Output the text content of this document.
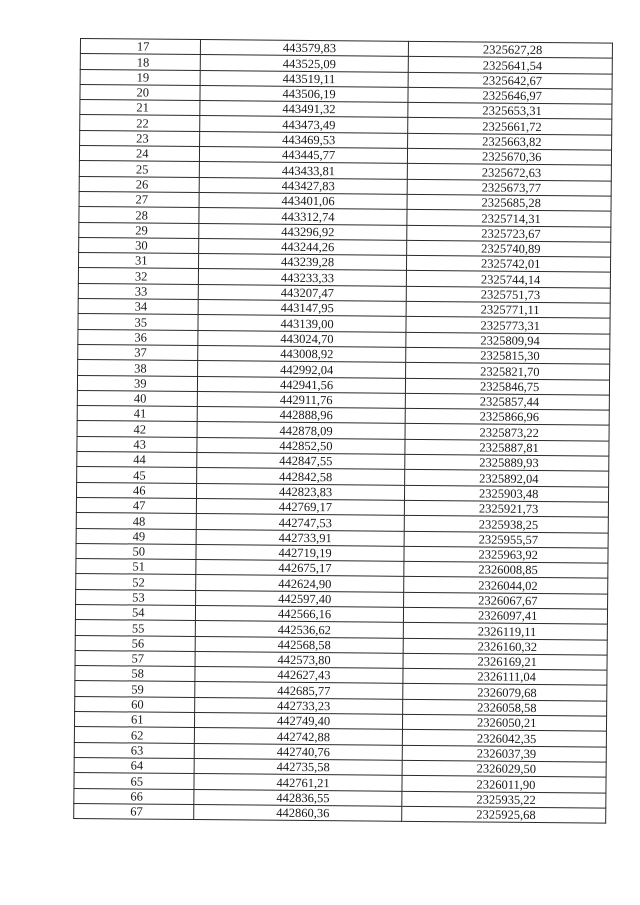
17	443579,83	2325627,28
18	443525,09	2325641,54
19	443519,11	2325642,67
20	443506,19	2325646,97
21	443491,32	2325653,31
22	443473,49	2325661,72
23	443469,53	2325663,82
24	443445,77	2325670,36
25	443433,81	2325672,63
26	443427,83	2325673,77
27	443401,06	2325685,28
28	443312,74	2325714,31
29	443296,92	2325723,67
30	443244,26	2325740,89
31	443239,28	2325742,01
32	443233,33	2325744,14
33	443207,47	2325751,73
34	443147,95	2325771,11
35	443139,00	2325773,31
36	443024,70	2325809,94
37	443008,92	2325815,30
38	442992,04	2325821,70
39	442941,56	2325846,75
40	442911,76	2325857,44
41	442888,96	2325866,96
42	442878,09	2325873,22
43	442852,50	2325887,81
44	442847,55	2325889,93
45	442842,58	2325892,04
46	442823,83	2325903,48
47	442769,17	2325921,73
48	442747,53	2325938,25
49	442733,91	2325955,57
50	442719,19	2325963,92
51	442675,17	2326008,85
52	442624,90	2326044,02
53	442597,40	2326067,67
54	442566,16	2326097,41
55	442536,62	2326119,11
56	442568,58	2326160,32
57	442573,80	2326169,21
58	442627,43	2326111,04
59	442685,77	2326079,68
60	442733,23	2326058,58
61	442749,40	2326050,21
62	442742,88	2326042,35
63	442740,76	2326037,39
64	442735,58	2326029,50
65	442761,21	2326011,90
66	442836,55	2325935,22
67	442860,36	2325925,68
